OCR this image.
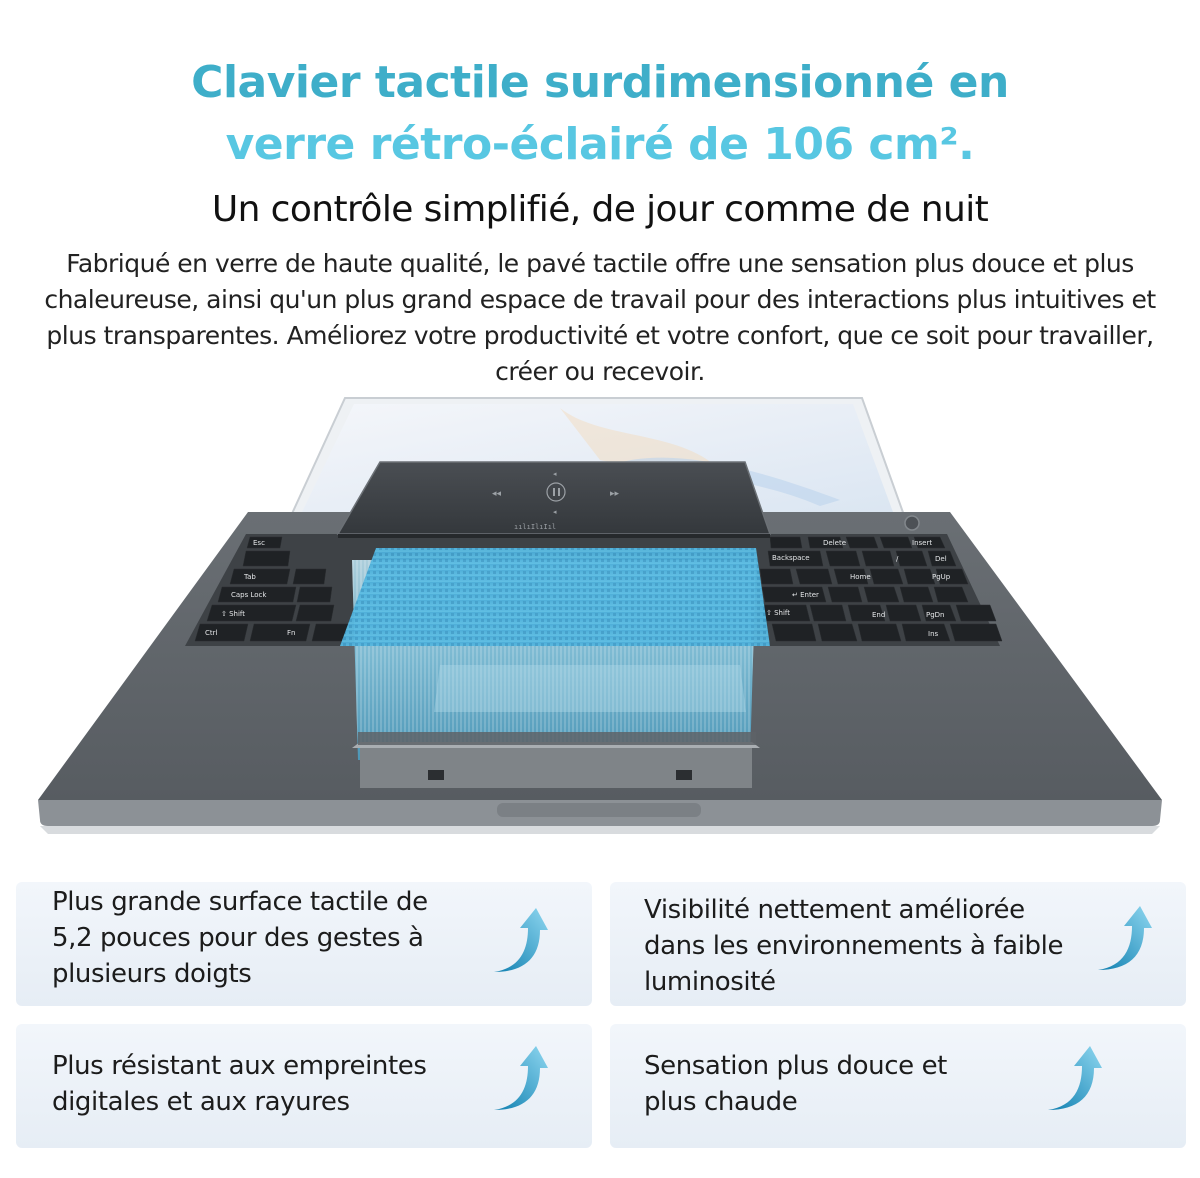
Clavier tactile surdimensionné en
verre rétro-éclairé de 106 cm².
Un contrôle simplifié, de jour comme de nuit
Fabriqué en verre de haute qualité, le pavé tactile offre une sensation plus douce et plus chaleureuse, ainsi qu'un plus grand espace de travail pour des interactions plus intuitives et plus transparentes. Améliorez votre productivité et votre confort, que ce soit pour travailler, créer ou recevoir.
Esc
Tab
Caps Lock
⇧ Shift
Ctrl	Fn
Backspace
↵ Enter
⇧ Shift
Home	PgUp
End	PgDn
Ins
/	Del
Delete	Insert
◂◂	▸▸
◂
◂
ıılıIlıIıl
Plus grande surface tactile de 5,2 pouces pour des gestes à plusieurs doigts
Visibilité nettement améliorée dans les environnements à faible luminosité
Plus résistant aux empreintes digitales et aux rayures
Sensation plus douce et plus chaude
